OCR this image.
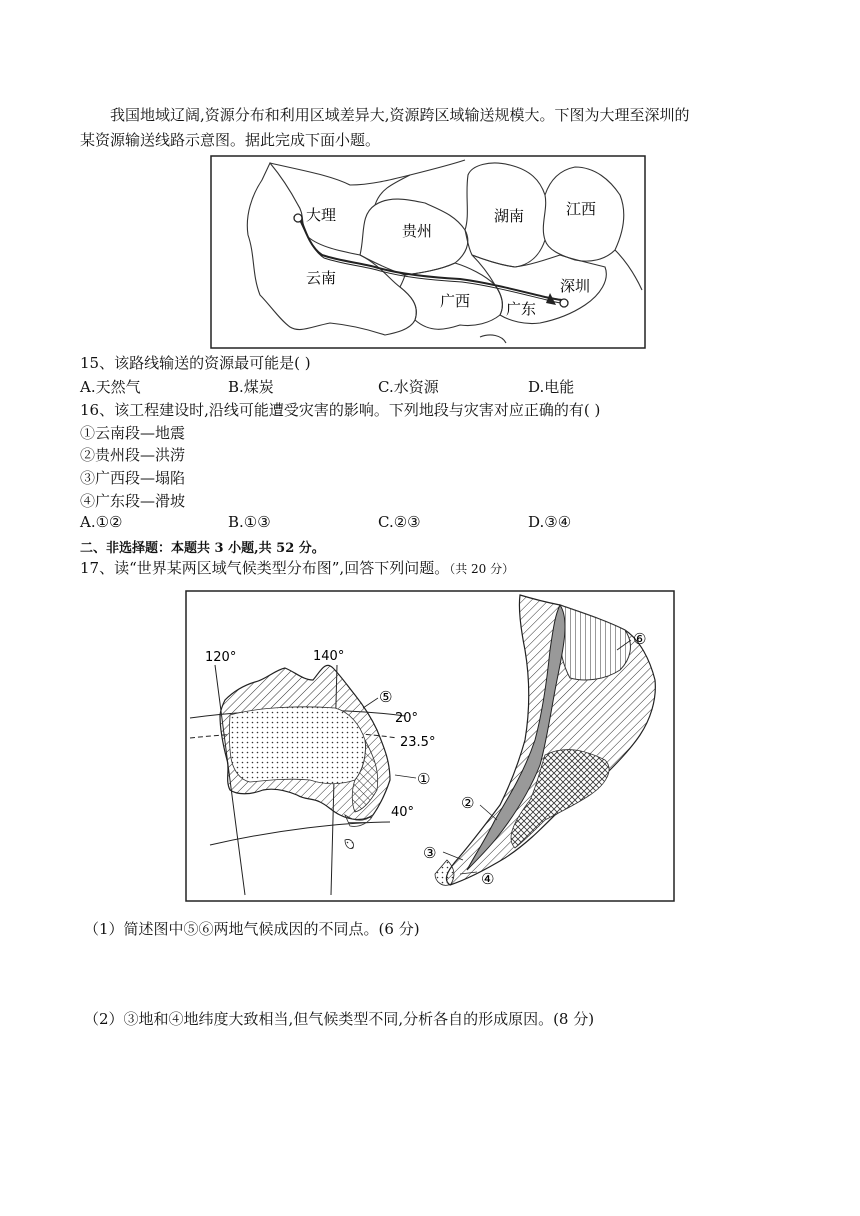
我国地域辽阔,资源分布和利用区域差异大,资源跨区域输送规模大。下图为大理至深圳的
某资源输送线路示意图。据此完成下面小题。
大理
贵州
湖南	江西
云南
广西 广东
深圳
15、该路线输送的资源最可能是( )
A.天然气	B.煤炭	C.水资源	D.电能
16、该工程建设时,沿线可能遭受灾害的影响。下列地段与灾害对应正确的有( )
①云南段—地震
②贵州段—洪涝
③广西段—塌陷
④广东段—滑坡
A.①②	B.①③	C.②③	D.③④
二、非选择题：本题共 3 小题,共 52 分。
17、读“世界某两区域气候类型分布图”,回答下列问题。（共 20 分）
120°	140°
20°
23.5°
40°
①
②
③
④
⑤
⑥
（1）简述图中⑤⑥两地气候成因的不同点。(6 分)
（2）③地和④地纬度大致相当,但气候类型不同,分析各自的形成原因。(8 分)
